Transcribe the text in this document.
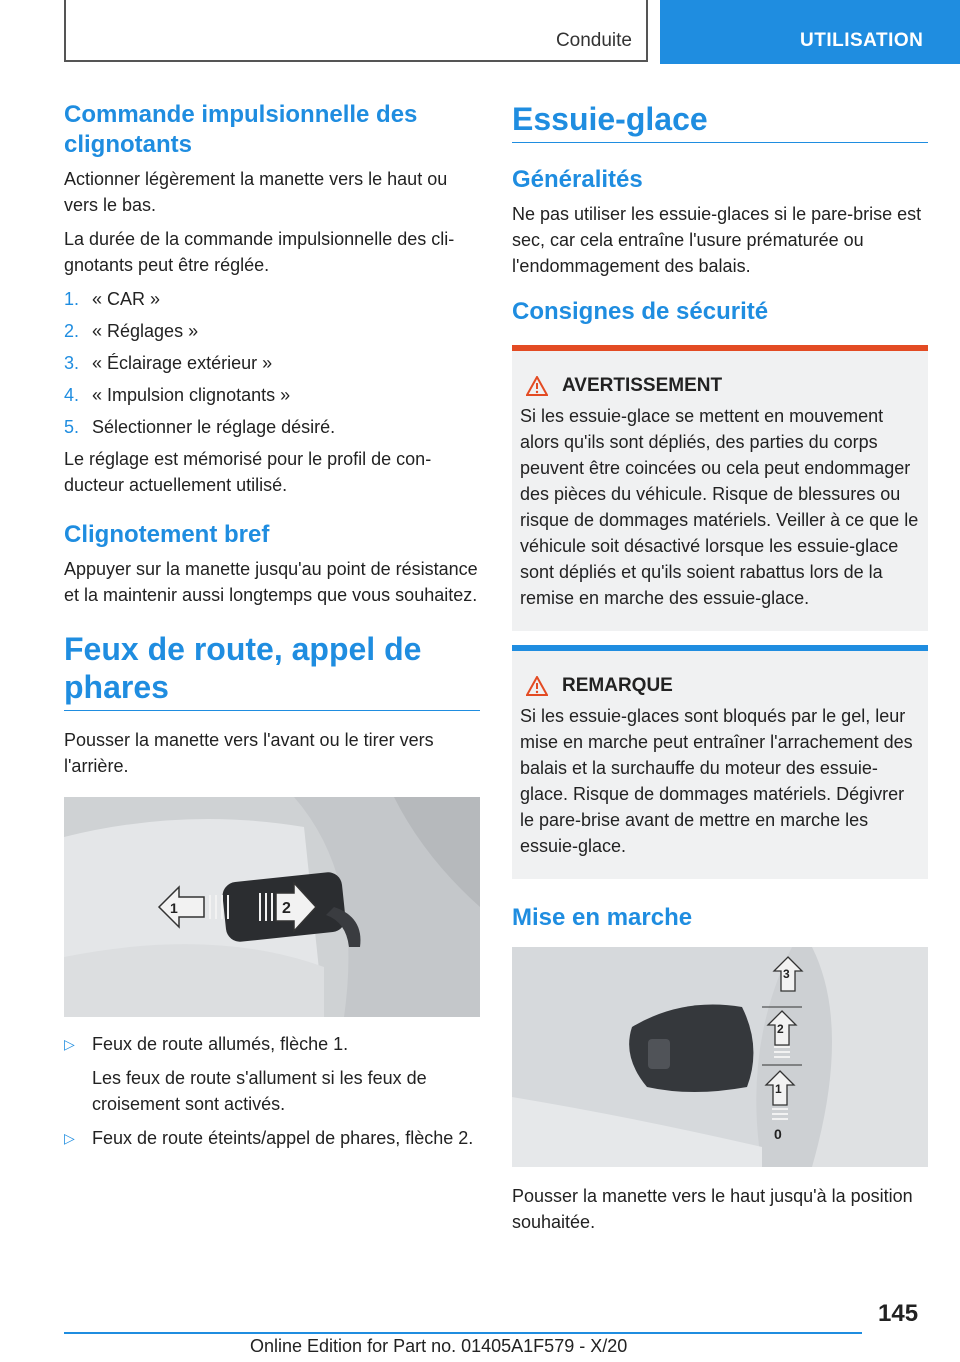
Conduite	UTILISATION
Commande impulsionnelle des clignotants

Actionner légèrement la manette vers le haut ou vers le bas.

La durée de la commande impulsionnelle des clignotants peut être réglée.

1. « CAR »
2. « Réglages »
3. « Éclairage extérieur »
4. « Impulsion clignotants »
5. Sélectionner le réglage désiré.

Le réglage est mémorisé pour le profil de conducteur actuellement utilisé.

Clignotement bref

Appuyer sur la manette jusqu'au point de résistance et la maintenir aussi longtemps que vous souhaitez.

Feux de route, appel de phares

Pousser la manette vers l'avant ou le tirer vers l'arrière.

1	2
▷ Feux de route allumés, flèche 1.
Les feux de route s'allument si les feux de croisement sont activés.
▷ Feux de route éteints/appel de phares, flèche 2.
Essuie-glace
Généralités

Ne pas utiliser les essuie-glaces si le pare-brise est sec, car cela entraîne l'usure prématurée ou l'endommagement des balais.

Consignes de sécurité
AVERTISSEMENT

Si les essuie-glace se mettent en mouvement alors qu'ils sont dépliés, des parties du corps peuvent être coincées ou cela peut endommager des pièces du véhicule. Risque de blessures ou risque de dommages matériels. Veiller à ce que le véhicule soit désactivé lorsque les essuie-glace sont dépliés et qu'ils soient rabattus lors de la remise en marche des essuie-glace.

REMARQUE

Si les essuie-glaces sont bloqués par le gel, leur mise en marche peut entraîner l'arrachement des balais et la surchauffe du moteur des essuie-glace. Risque de dommages matériels. Dégivrer le pare-brise avant de mettre en marche les essuie-glace.

Mise en marche
3
2
1
0

Pousser la manette vers le haut jusqu'à la position souhaitée.

145
Online Edition for Part no. 01405A1F579 - X/20
